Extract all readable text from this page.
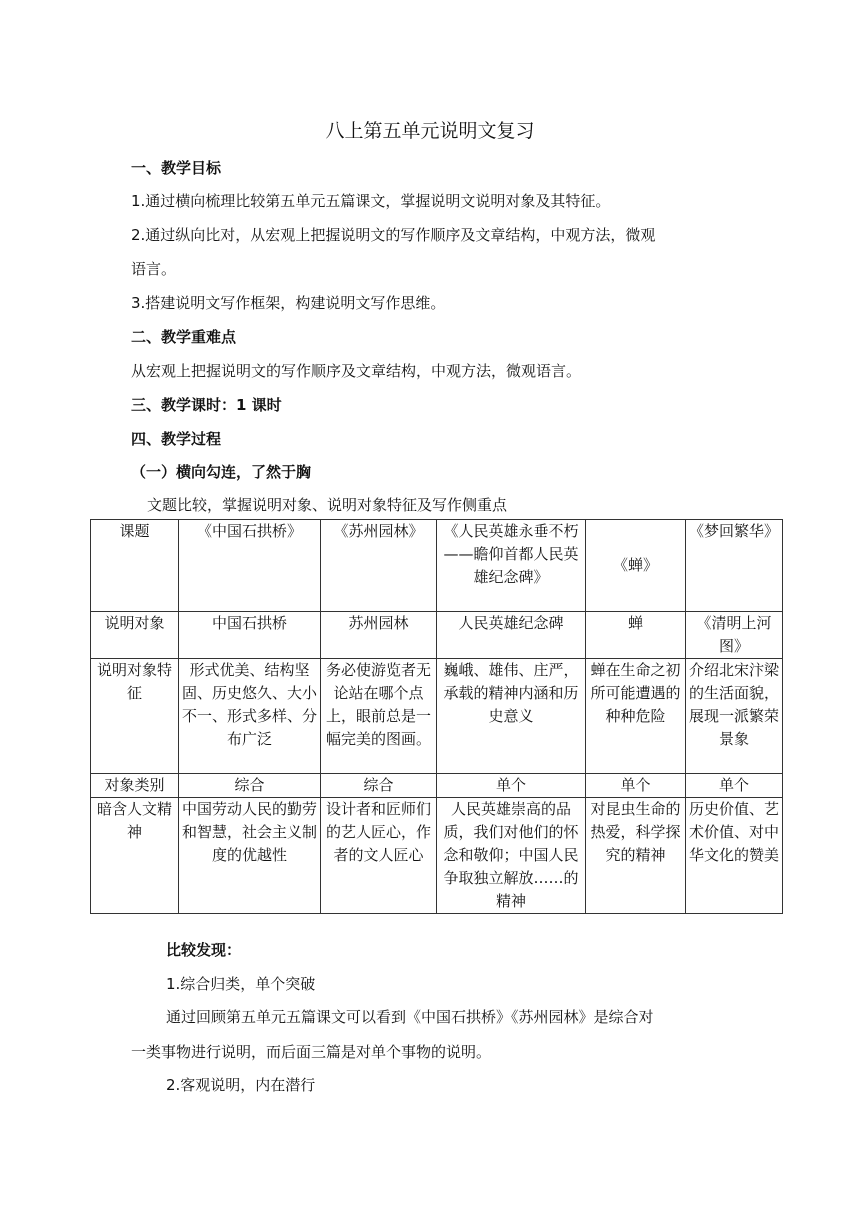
八上第五单元说明文复习
一、教学目标
1.通过横向梳理比较第五单元五篇课文，掌握说明文说明对象及其特征。
2.通过纵向比对，从宏观上把握说明文的写作顺序及文章结构，中观方法，微观
语言。
3.搭建说明文写作框架，构建说明文写作思维。
二、教学重难点
从宏观上把握说明文的写作顺序及文章结构，中观方法，微观语言。
三、教学课时：1 课时
四、教学过程
（一）横向勾连，了然于胸
文题比较，掌握说明对象、说明对象特征及写作侧重点
课题	《中国石拱桥》	《苏州园林》	《人民英雄永垂不朽——瞻仰首都人民英雄纪念碑》	《蝉》	《梦回繁华》
说明对象	中国石拱桥	苏州园林	人民英雄纪念碑	蝉	《清明上河图》
说明对象特征	形式优美、结构坚固、历史悠久、大小不一、形式多样、分布广泛	务必使游览者无论站在哪个点上，眼前总是一幅完美的图画。	巍峨、雄伟、庄严，承载的精神内涵和历史意义	蝉在生命之初所可能遭遇的种种危险	介绍北宋汴梁的生活面貌，展现一派繁荣景象
对象类别	综合	综合	单个	单个	单个
暗含人文精神	中国劳动人民的勤劳和智慧，社会主义制度的优越性	设计者和匠师们的艺人匠心，作者的文人匠心	人民英雄崇高的品质，我们对他们的怀念和敬仰；中国人民争取独立解放……的精神	对昆虫生命的热爱，科学探究的精神	历史价值、艺术价值、对中华文化的赞美
比较发现：
1.综合归类，单个突破
通过回顾第五单元五篇课文可以看到《中国石拱桥》《苏州园林》是综合对
一类事物进行说明，而后面三篇是对单个事物的说明。
2.客观说明，内在潜行
